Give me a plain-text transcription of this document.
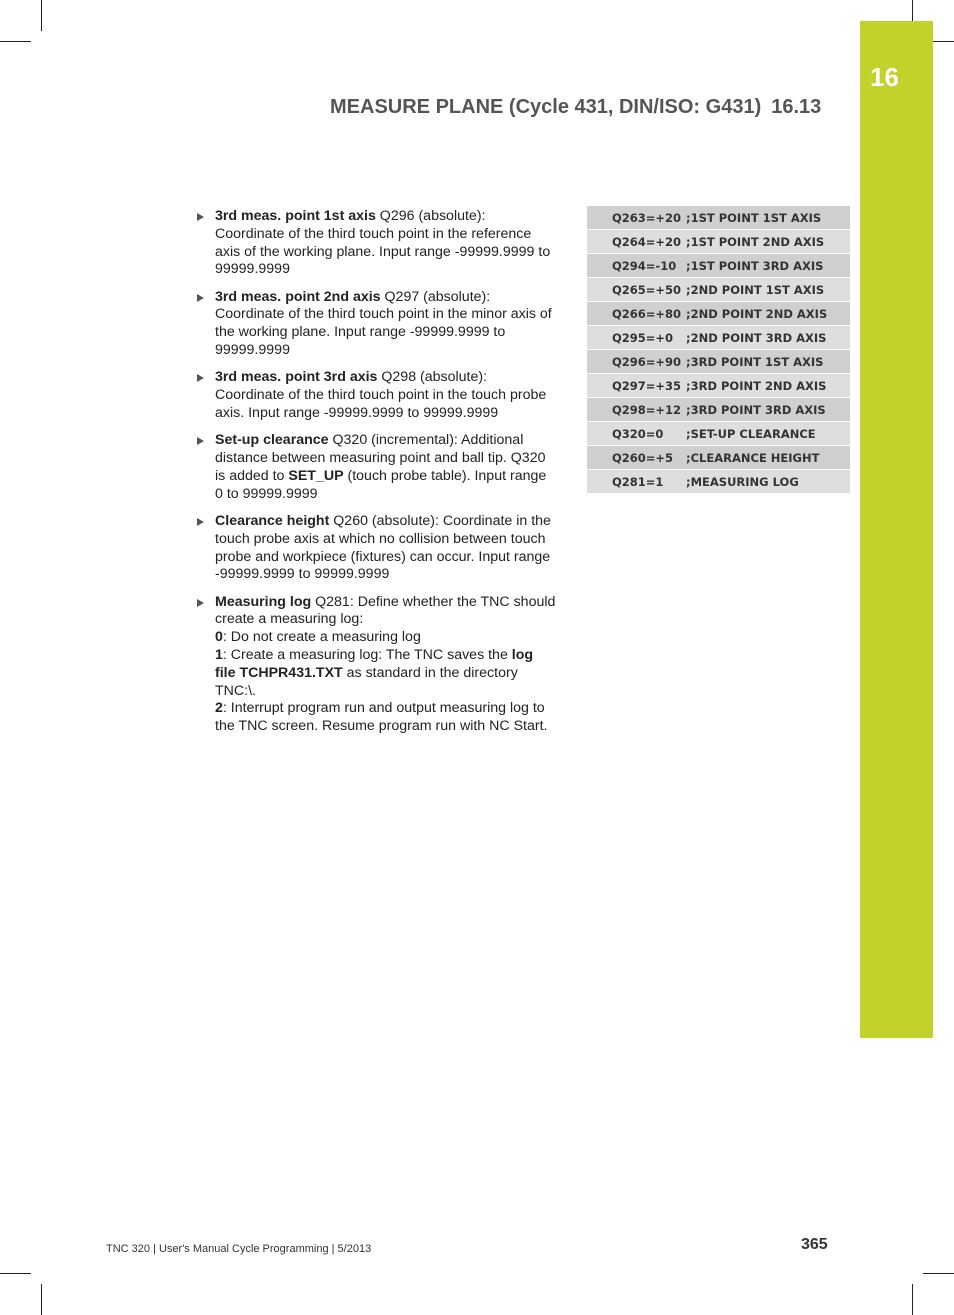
16
MEASURE PLANE (Cycle 431, DIN/ISO: G431) 16.13
3rd meas. point 1st axis Q296 (absolute): Coordinate of the third touch point in the reference axis of the working plane. Input range -99999.9999 to 99999.9999
3rd meas. point 2nd axis Q297 (absolute): Coordinate of the third touch point in the minor axis of the working plane. Input range -99999.9999 to 99999.9999
3rd meas. point 3rd axis Q298 (absolute): Coordinate of the third touch point in the touch probe axis. Input range -99999.9999 to 99999.9999
Set-up clearance Q320 (incremental): Additional distance between measuring point and ball tip. Q320 is added to SET_UP (touch probe table). Input range 0 to 99999.9999
Clearance height Q260 (absolute): Coordinate in the touch probe axis at which no collision between touch probe and workpiece (fixtures) can occur. Input range -99999.9999 to 99999.9999
Measuring log Q281: Define whether the TNC should create a measuring log:
0: Do not create a measuring log
1: Create a measuring log: The TNC saves the log file TCHPR431.TXT as standard in the directory TNC:\.
2: Interrupt program run and output measuring log to the TNC screen. Resume program run with NC Start.
Q263=+20	;1ST POINT 1ST AXIS
Q264=+20	;1ST POINT 2ND AXIS
Q294=-10	;1ST POINT 3RD AXIS
Q265=+50	;2ND POINT 1ST AXIS
Q266=+80	;2ND POINT 2ND AXIS
Q295=+0	;2ND POINT 3RD AXIS
Q296=+90	;3RD POINT 1ST AXIS
Q297=+35	;3RD POINT 2ND AXIS
Q298=+12	;3RD POINT 3RD AXIS
Q320=0	;SET-UP CLEARANCE
Q260=+5	;CLEARANCE HEIGHT
Q281=1	;MEASURING LOG
TNC 320 | User's Manual Cycle Programming | 5/2013	365
